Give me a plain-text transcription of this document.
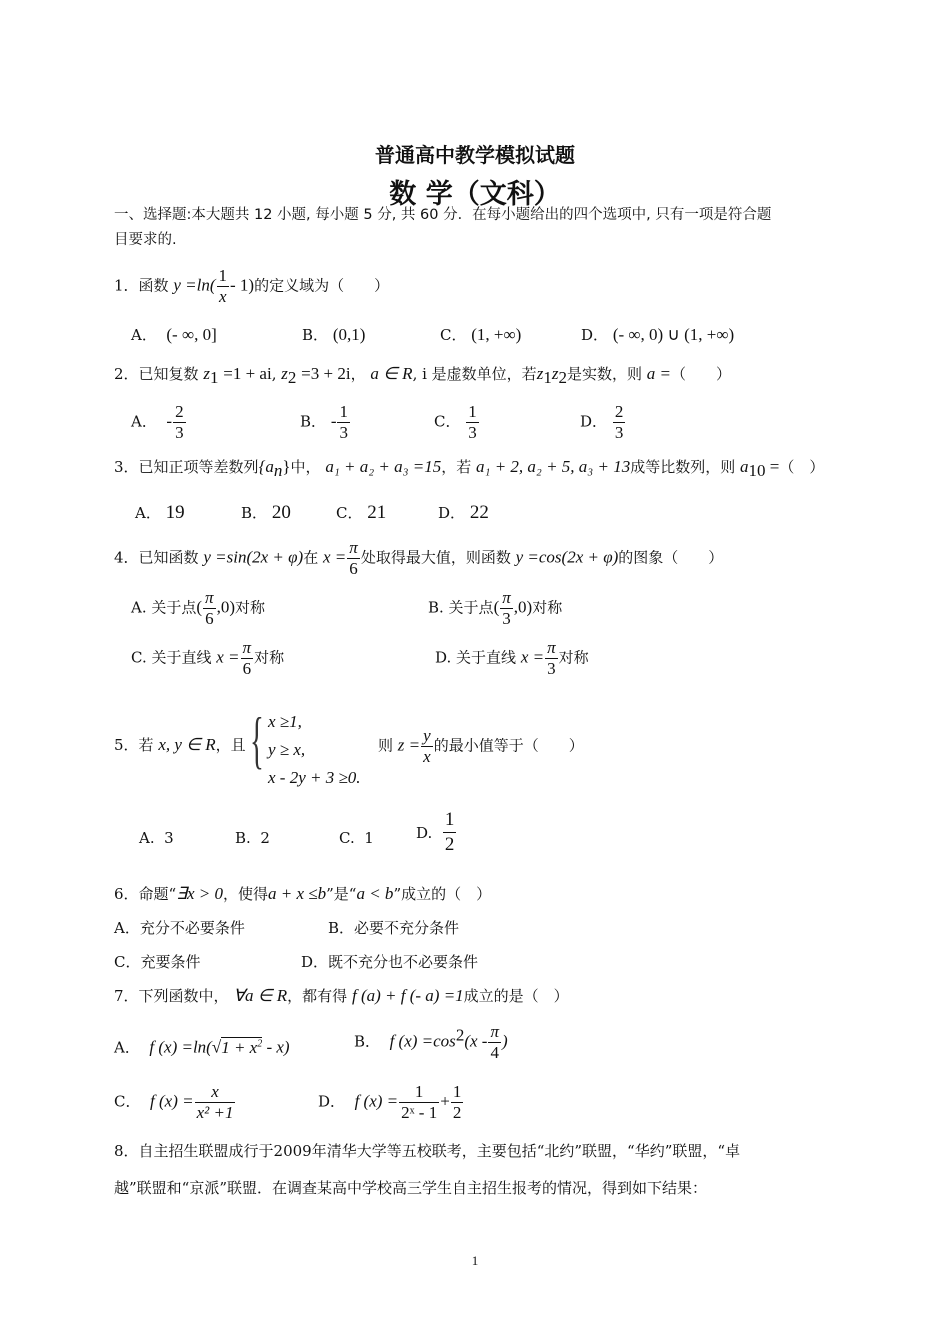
普通高中教学模拟试题
数 学（文科）
一、选择题:本大题共 12 小题, 每小题 5 分, 共 60 分．在每小题给出的四个选项中, 只有一项是符合题
目要求的.
1．函数 $y =\ln( \frac{1}{x} - 1)$的定义域为（　　）
A． (- ∞, 0]	B． (0,1)	C． (1, +∞)	D． (- ∞, 0) ∪ (1, +∞)
2．已知复数 $z_1 =1$ + ai, $z_2 =3 + 2i$， a ∈ R, i 是虚数单位，若$z_1z_2$是实数，则 a =（　　）
A． - $\frac{2}{3}$	B． - $\frac{1}{3}$	C． $\frac{1}{3}$	D． $\frac{2}{3}$
3．已知正项等差数列$\{a_n\}$中， a₁ + a₂ + a₃ =15，若 a₁ + 2, a₂ + 5, a₃ + 13成等比数列，则 $a_{10}$ =（　）
A． 19	B． 20	C． 21	D． 22
4．已知函数 y =sin(2x + φ)在 $x = \frac{\pi}{6}$ 处取得最大值，则函数 y =cos(2x + φ)的图象（　　）
A. 关于点( $\frac{\pi}{6} ,0$)对称	B. 关于点( $\frac{\pi}{3} ,0$)对称
C. 关于直线 $x = \frac{\pi}{6}$ 对称	D. 关于直线 $x = \frac{\pi}{3}$ 对称
5．若 x, y ∈ R，且 { x ≥1,
y ≥ x,
x - 2y + 3 ≥0.
则 $z = \frac{y}{x}$ 的最小值等于（　　）
A. 3	B. 2	C. 1	D. $\frac{1}{2}$
6．命题“∃x > 0，使得a + x ≤b”是“a < b”成立的（　）
A．充分不必要条件	B．必要不充分条件
C．充要条件	D．既不充分也不必要条件
7．下列函数中， ∀a ∈ R，都有得 f (a) + f (- a) =1成立的是（　）
A． f $(x) =\ln(√1 + x^2 - x)$	B． f $(x) =\cos^2(x - \frac{\pi}{4}$ )
C． f $(x) = \frac{x}{\text{x² +1}}$	D． f $(x) = \frac{1}{\text{2ˣ - 1}} + \frac{1}{2}$
8．自主招生联盟成行于2009年清华大学等五校联考，主要包括“北约”联盟，“华约”联盟，“卓
越”联盟和“京派”联盟．在调查某高中学校高三学生自主招生报考的情况，得到如下结果：
1
